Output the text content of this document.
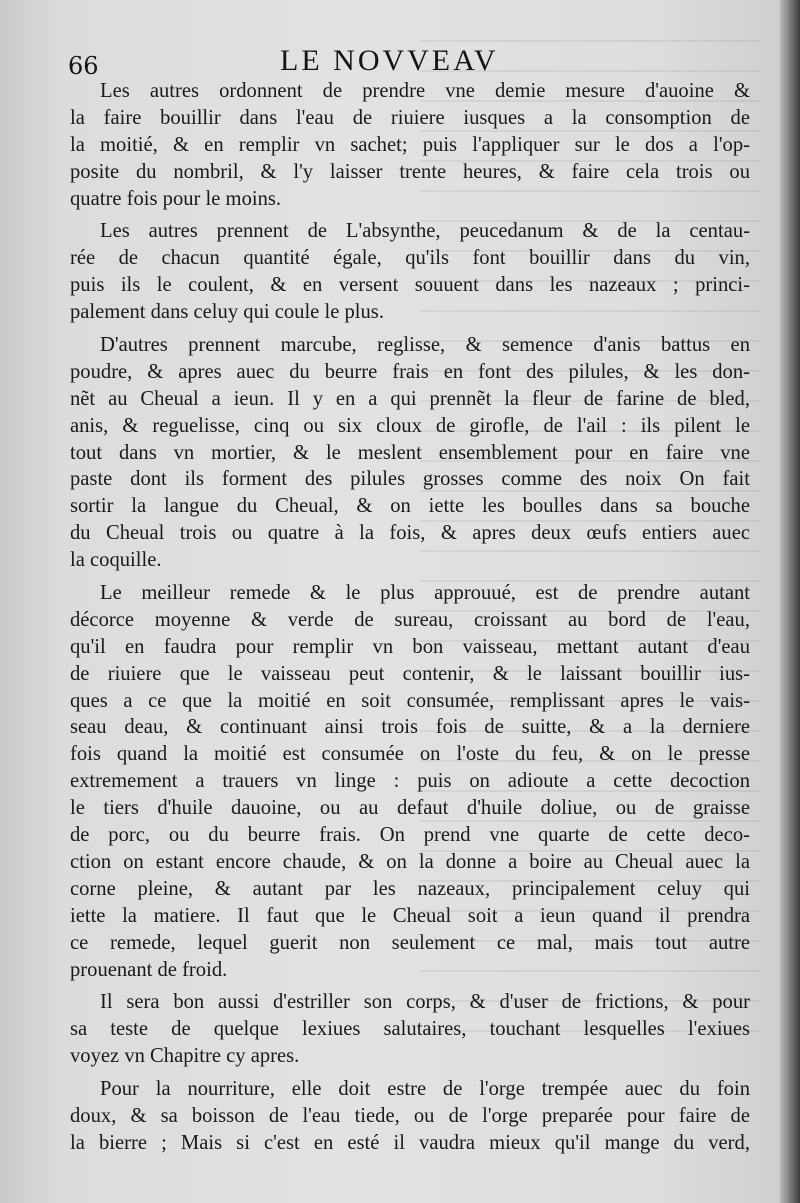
66	LE NOVVEAV
Les autres ordonnent de prendre vne demie mesure d'auoine &
la faire bouillir dans l'eau de riuiere iusques a la consomption de
la moitié, & en remplir vn sachet; puis l'appliquer sur le dos a l'op-
posite du nombril, & l'y laisser trente heures, & faire cela trois ou
quatre fois pour le moins.
Les autres prennent de L'absynthe, peucedanum & de la centau-
rée de chacun quantité égale, qu'ils font bouillir dans du vin,
puis ils le coulent, & en versent souuent dans les nazeaux ; princi-
palement dans celuy qui coule le plus.
D'autres prennent marcube, reglisse, & semence d'anis battus en
poudre, & apres auec du beurre frais en font des pilules, & les don-
nẽt au Cheual a ieun. Il y en a qui prennẽt la fleur de farine de bled,
anis, & reguelisse, cinq ou six cloux de girofle, de l'ail : ils pilent le
tout dans vn mortier, & le meslent ensemblement pour en faire vne
paste dont ils forment des pilules grosses comme des noix On fait
sortir la langue du Cheual, & on iette les boulles dans sa bouche
du Cheual trois ou quatre à la fois, & apres deux œufs entiers auec
la coquille.
Le meilleur remede & le plus approuué, est de prendre autant
décorce moyenne & verde de sureau, croissant au bord de l'eau,
qu'il en faudra pour remplir vn bon vaisseau, mettant autant d'eau
de riuiere que le vaisseau peut contenir, & le laissant bouillir ius-
ques a ce que la moitié en soit consumée, remplissant apres le vais-
seau deau, & continuant ainsi trois fois de suitte, & a la derniere
fois quand la moitié est consumée on l'oste du feu, & on le presse
extremement a trauers vn linge : puis on adioute a cette decoction
le tiers d'huile dauoine, ou au defaut d'huile doliue, ou de graisse
de porc, ou du beurre frais. On prend vne quarte de cette deco-
ction on estant encore chaude, & on la donne a boire au Cheual auec la
corne pleine, & autant par les nazeaux, principalement celuy qui
iette la matiere. Il faut que le Cheual soit a ieun quand il prendra
ce remede, lequel guerit non seulement ce mal, mais tout autre
prouenant de froid.
Il sera bon aussi d'estriller son corps, & d'user de frictions, & pour
sa teste de quelque lexiues salutaires, touchant lesquelles l'exiues
voyez vn Chapitre cy apres.
Pour la nourriture, elle doit estre de l'orge trempée auec du foin
doux, & sa boisson de l'eau tiede, ou de l'orge preparée pour faire de
la bierre ; Mais si c'est en esté il vaudra mieux qu'il mange du verd,
